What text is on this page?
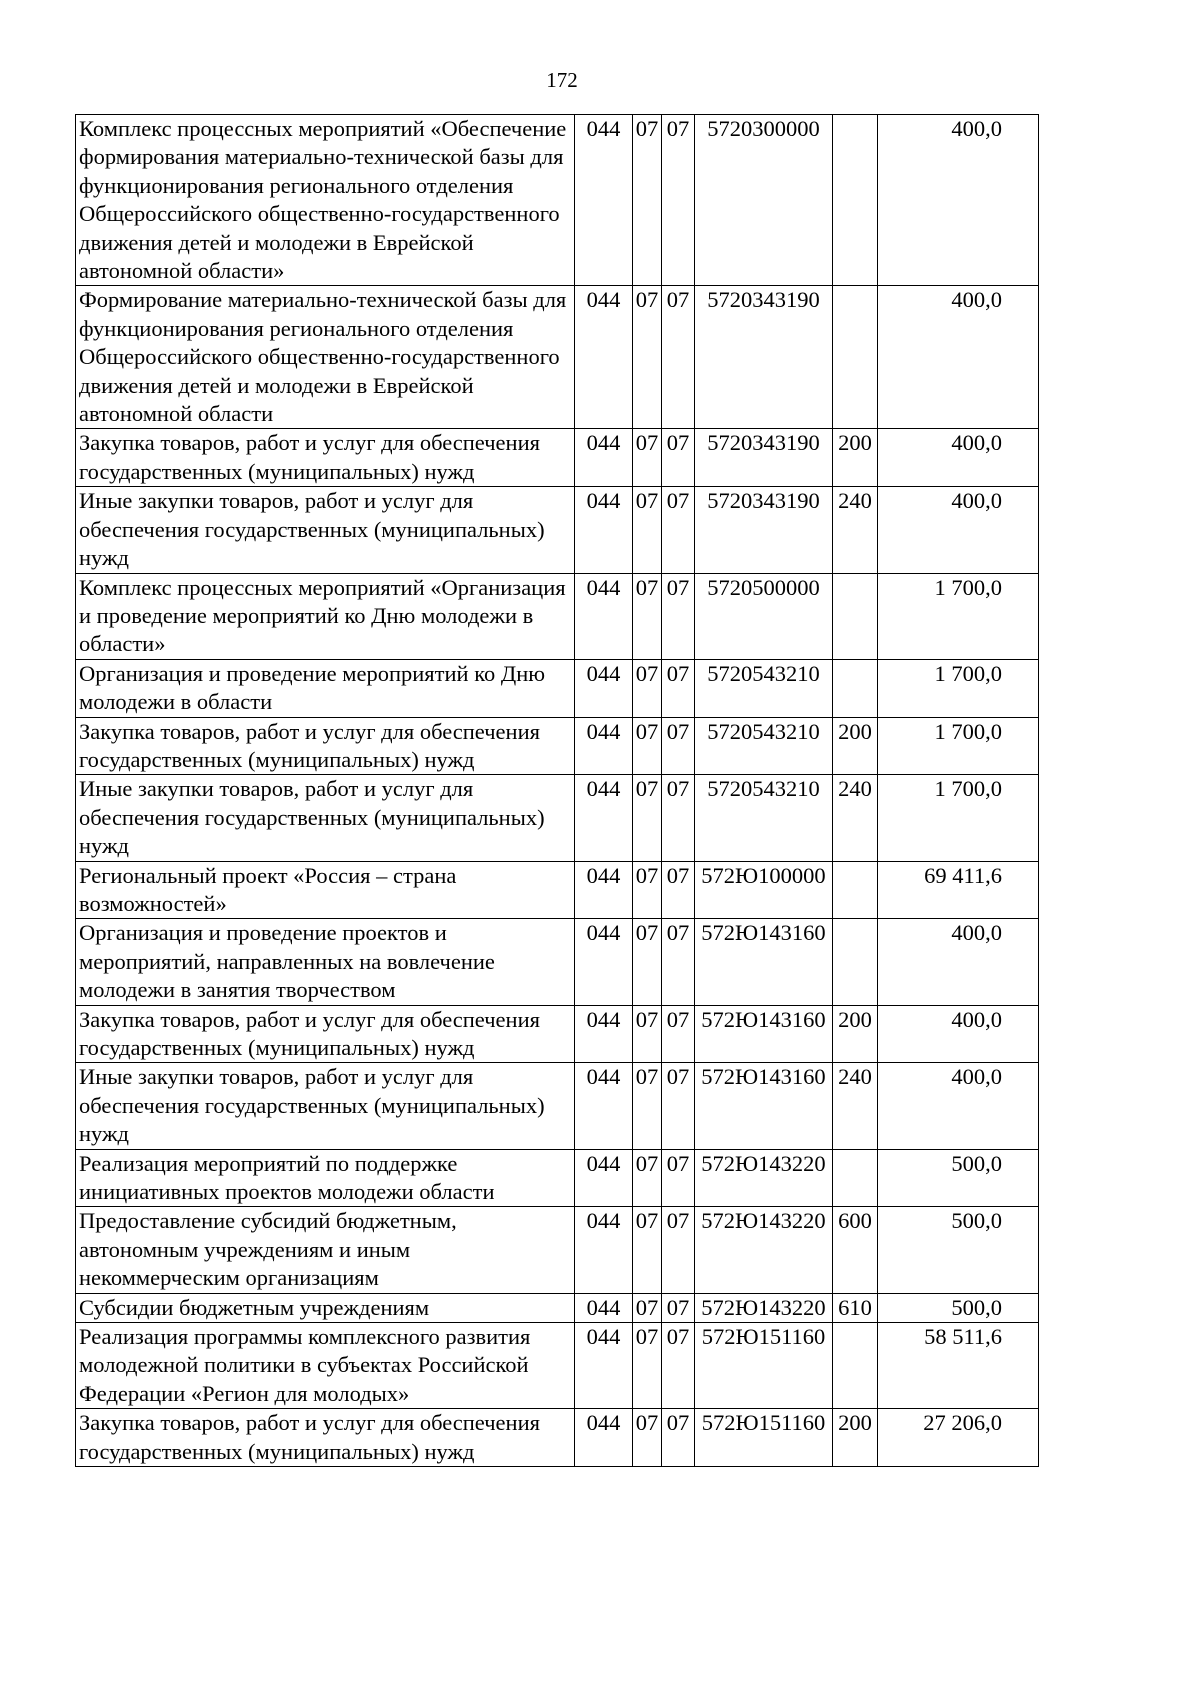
172
Комплекс процессных мероприятий «Обеспечение формирования материально-технической базы для функционирования регионального отделения Общероссийского общественно-государственного движения детей и молодежи в Еврейской автономной области»	044	07	07	5720300000		400,0
Формирование материально-технической базы для функционирования регионального отделения Общероссийского общественно-государственного движения детей и молодежи в Еврейской автономной области	044	07	07	5720343190		400,0
Закупка товаров, работ и услуг для обеспечения государственных (муниципальных) нужд	044	07	07	5720343190	200	400,0
Иные закупки товаров, работ и услуг для обеспечения государственных (муниципальных) нужд	044	07	07	5720343190	240	400,0
Комплекс процессных мероприятий «Организация и проведение мероприятий ко Дню молодежи в области»	044	07	07	5720500000		1 700,0
Организация и проведение мероприятий ко Дню молодежи в области	044	07	07	5720543210		1 700,0
Закупка товаров, работ и услуг для обеспечения государственных (муниципальных) нужд	044	07	07	5720543210	200	1 700,0
Иные закупки товаров, работ и услуг для обеспечения государственных (муниципальных) нужд	044	07	07	5720543210	240	1 700,0
Региональный проект «Россия – страна возможностей»	044	07	07	572Ю100000		69 411,6
Организация и проведение проектов и мероприятий, направленных на вовлечение молодежи в занятия творчеством	044	07	07	572Ю143160		400,0
Закупка товаров, работ и услуг для обеспечения государственных (муниципальных) нужд	044	07	07	572Ю143160	200	400,0
Иные закупки товаров, работ и услуг для обеспечения государственных (муниципальных) нужд	044	07	07	572Ю143160	240	400,0
Реализация мероприятий по поддержке инициативных проектов молодежи области	044	07	07	572Ю143220		500,0
Предоставление субсидий бюджетным, автономным учреждениям и иным некоммерческим организациям	044	07	07	572Ю143220	600	500,0
Субсидии бюджетным учреждениям	044	07	07	572Ю143220	610	500,0
Реализация программы комплексного развития молодежной политики в субъектах Российской Федерации «Регион для молодых»	044	07	07	572Ю151160		58 511,6
Закупка товаров, работ и услуг для обеспечения государственных (муниципальных) нужд	044	07	07	572Ю151160	200	27 206,0
